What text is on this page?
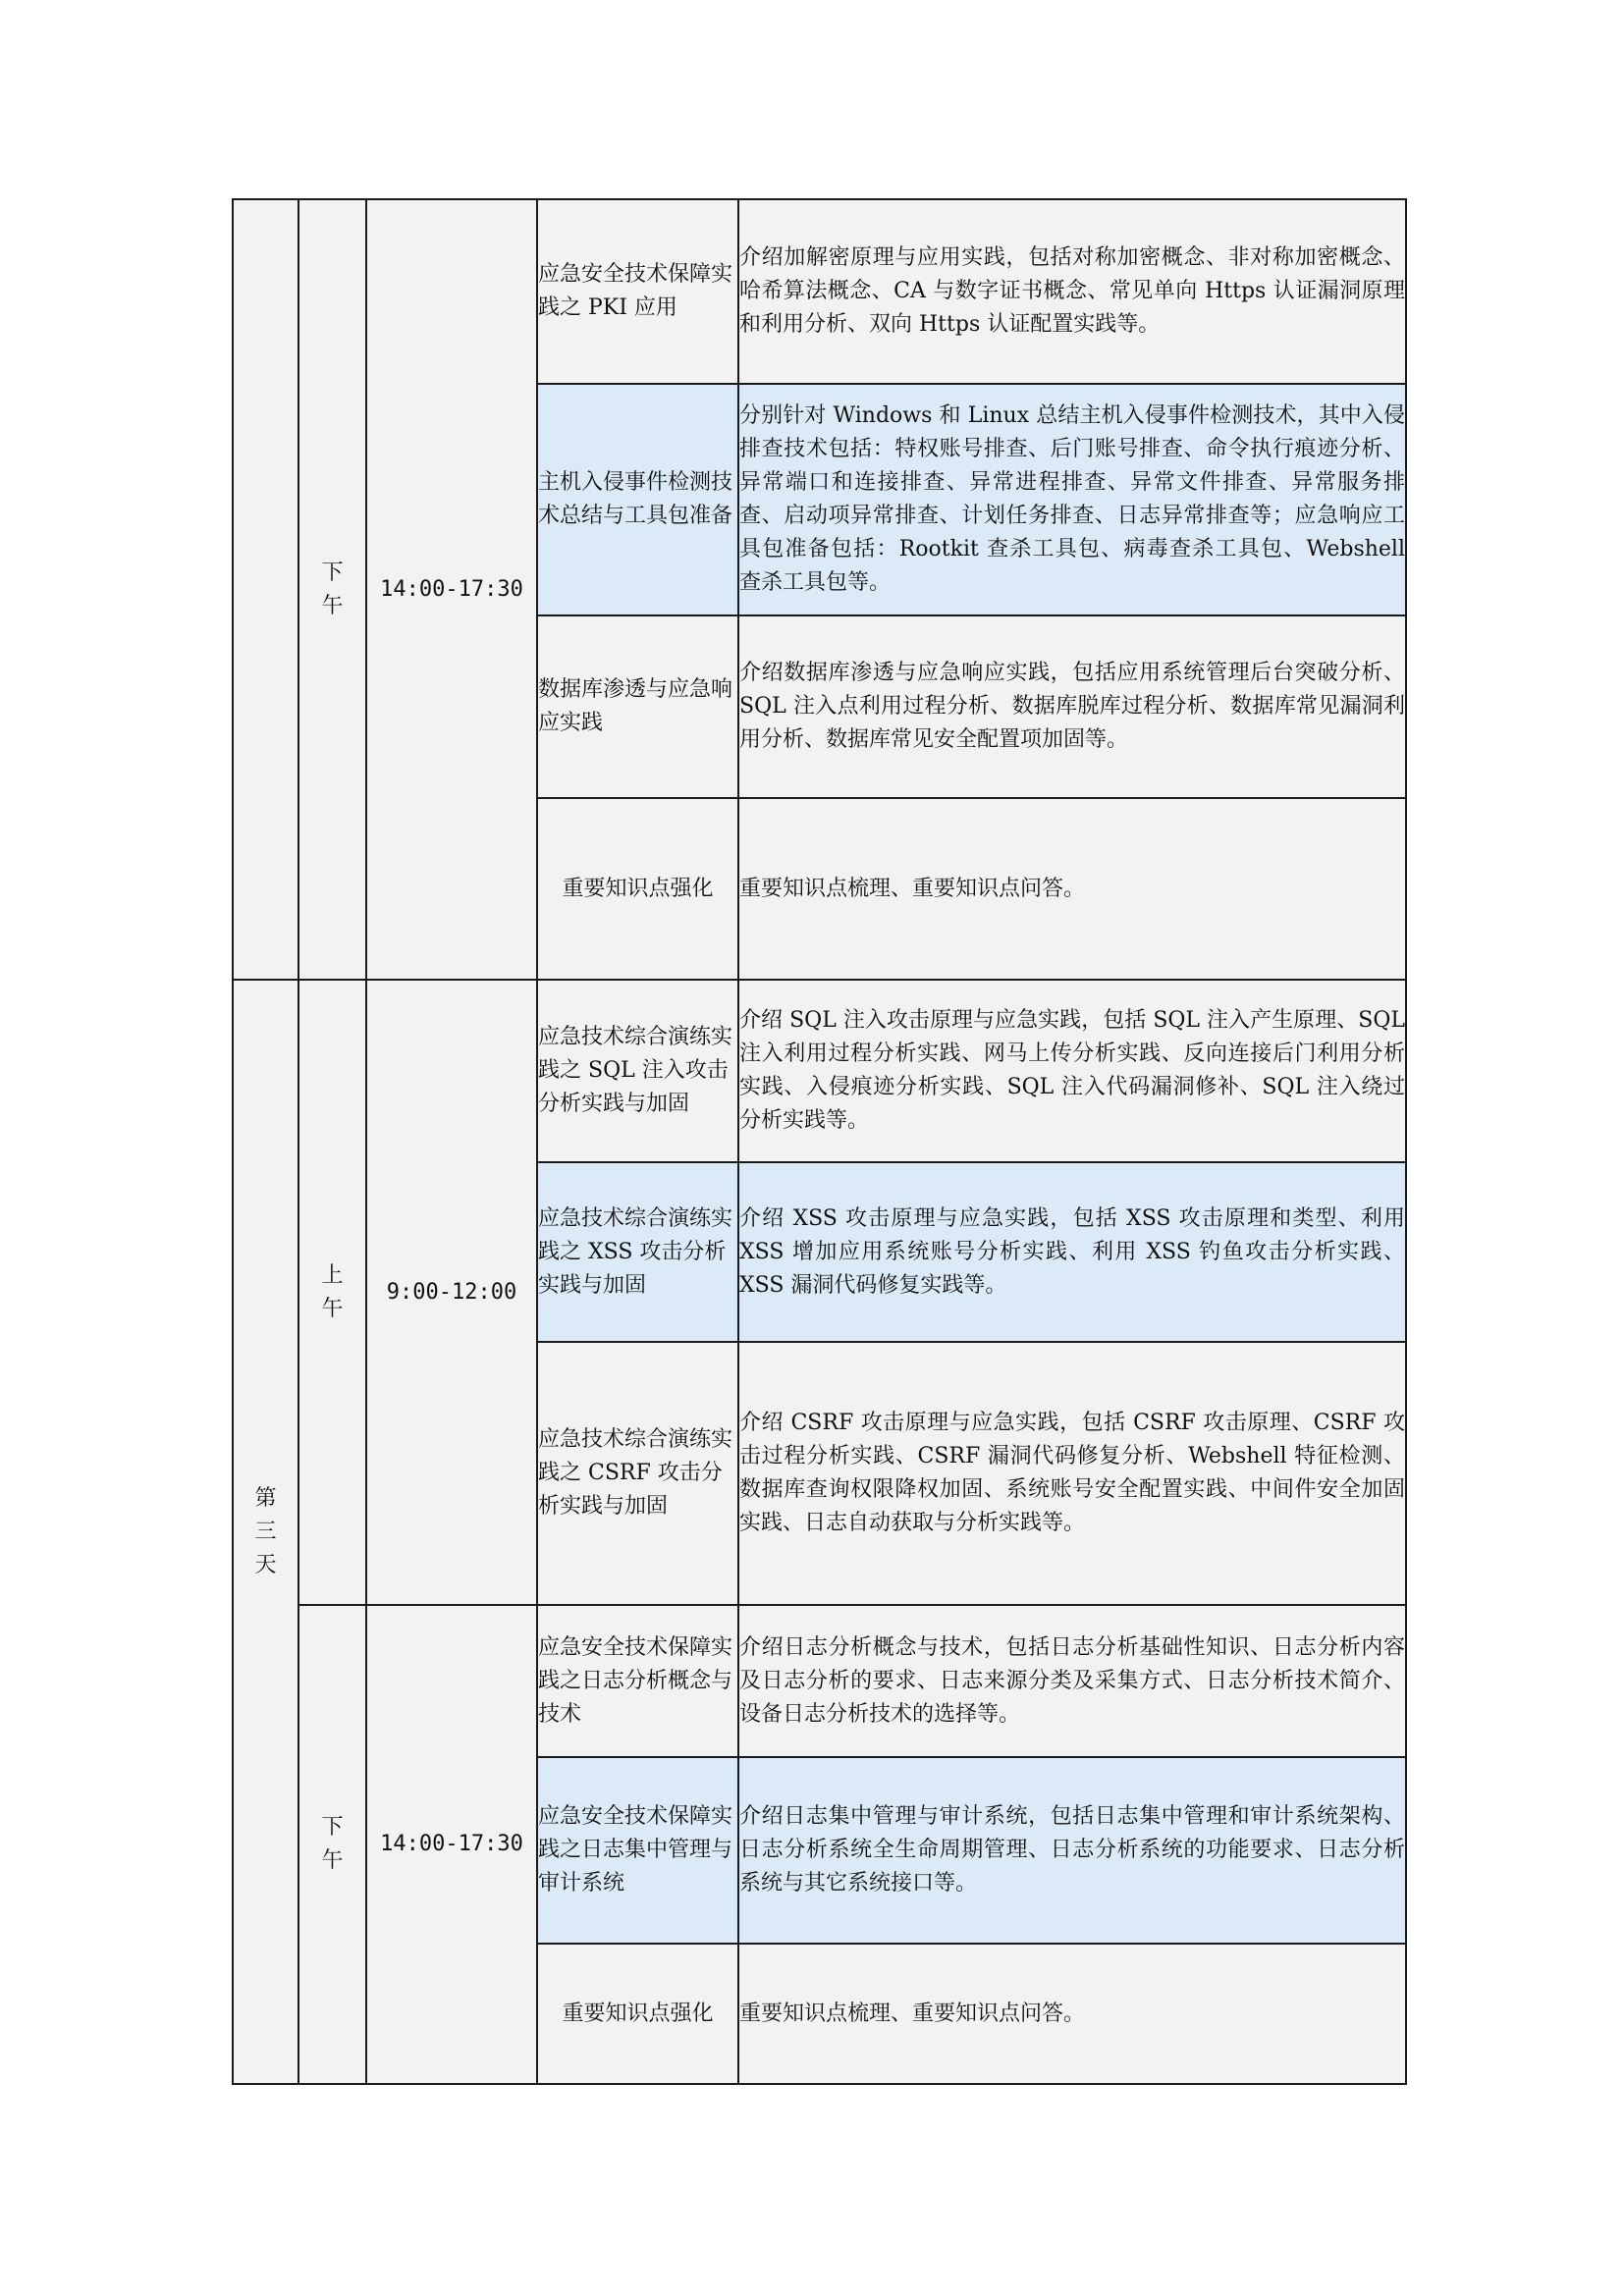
	下午	14:00-17:30	应急安全技术保障实践之 PKI 应用	介绍加解密原理与应用实践，包括对称加密概念、非对称加密概念、哈希算法概念、CA 与数字证书概念、常见单向 Https 认证漏洞原理和利用分析、双向 Https 认证配置实践等。
			主机入侵事件检测技术总结与工具包准备	分别针对 Windows 和 Linux 总结主机入侵事件检测技术，其中入侵排查技术包括：特权账号排查、后门账号排查、命令执行痕迹分析、异常端口和连接排查、异常进程排查、异常文件排查、异常服务排查、启动项异常排查、计划任务排查、日志异常排查等；应急响应工具包准备包括：Rootkit 查杀工具包、病毒查杀工具包、Webshell 查杀工具包等。
			数据库渗透与应急响应实践	介绍数据库渗透与应急响应实践，包括应用系统管理后台突破分析、SQL 注入点利用过程分析、数据库脱库过程分析、数据库常见漏洞利用分析、数据库常见安全配置项加固等。
			重要知识点强化	重要知识点梳理、重要知识点问答。

第三天	上午	9:00-12:00	应急技术综合演练实践之 SQL 注入攻击分析实践与加固	介绍 SQL 注入攻击原理与应急实践，包括 SQL 注入产生原理、SQL 注入利用过程分析实践、网马上传分析实践、反向连接后门利用分析实践、入侵痕迹分析实践、SQL 注入代码漏洞修补、SQL 注入绕过分析实践等。
			应急技术综合演练实践之 XSS 攻击分析实践与加固	介绍 XSS 攻击原理与应急实践，包括 XSS 攻击原理和类型、利用 XSS 增加应用系统账号分析实践、利用 XSS 钓鱼攻击分析实践、XSS 漏洞代码修复实践等。
			应急技术综合演练实践之 CSRF 攻击分析实践与加固	介绍 CSRF 攻击原理与应急实践，包括 CSRF 攻击原理、CSRF 攻击过程分析实践、CSRF 漏洞代码修复分析、Webshell 特征检测、数据库查询权限降权加固、系统账号安全配置实践、中间件安全加固实践、日志自动获取与分析实践等。

	下午	14:00-17:30	应急安全技术保障实践之日志分析概念与技术	介绍日志分析概念与技术，包括日志分析基础性知识、日志分析内容及日志分析的要求、日志来源分类及采集方式、日志分析技术简介、设备日志分析技术的选择等。
			应急安全技术保障实践之日志集中管理与审计系统	介绍日志集中管理与审计系统，包括日志集中管理和审计系统架构、日志分析系统全生命周期管理、日志分析系统的功能要求、日志分析系统与其它系统接口等。
			重要知识点强化	重要知识点梳理、重要知识点问答。
